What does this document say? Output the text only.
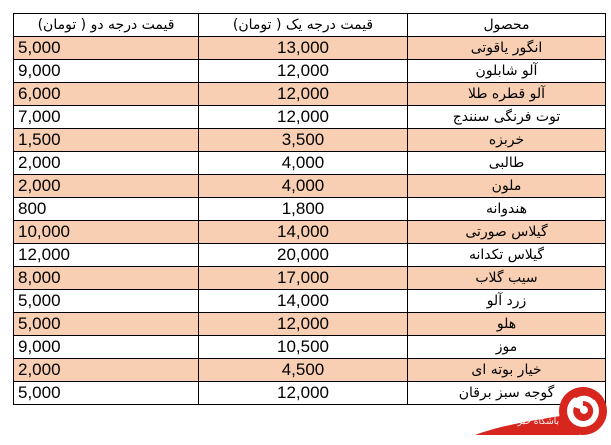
محصول	قیمت درجه یک ( تومان)	قیمت درجه دو ( تومان)
انگور یاقوتی	13,000	5,000
آلو شابلون	12,000	9,000
آلو قطره طلا	12,000	6,000
توت فرنگی سنندج	12,000	7,000
خربزه	3,500	1,500
طالبی	4,000	2,000
ملون	4,000	2,000
هندوانه	1,800	800
گیلاس صورتی	14,000	10,000
گیلاس تکدانه	20,000	12,000
سیب گلاب	17,000	8,000
زرد آلو	14,000	5,000
هلو	12,000	5,000
موز	10,500	9,000
خیار بوته ای	4,500	2,000
گوجه سبز برقان	12,000	5,000
باشگاه خبرنگاران
